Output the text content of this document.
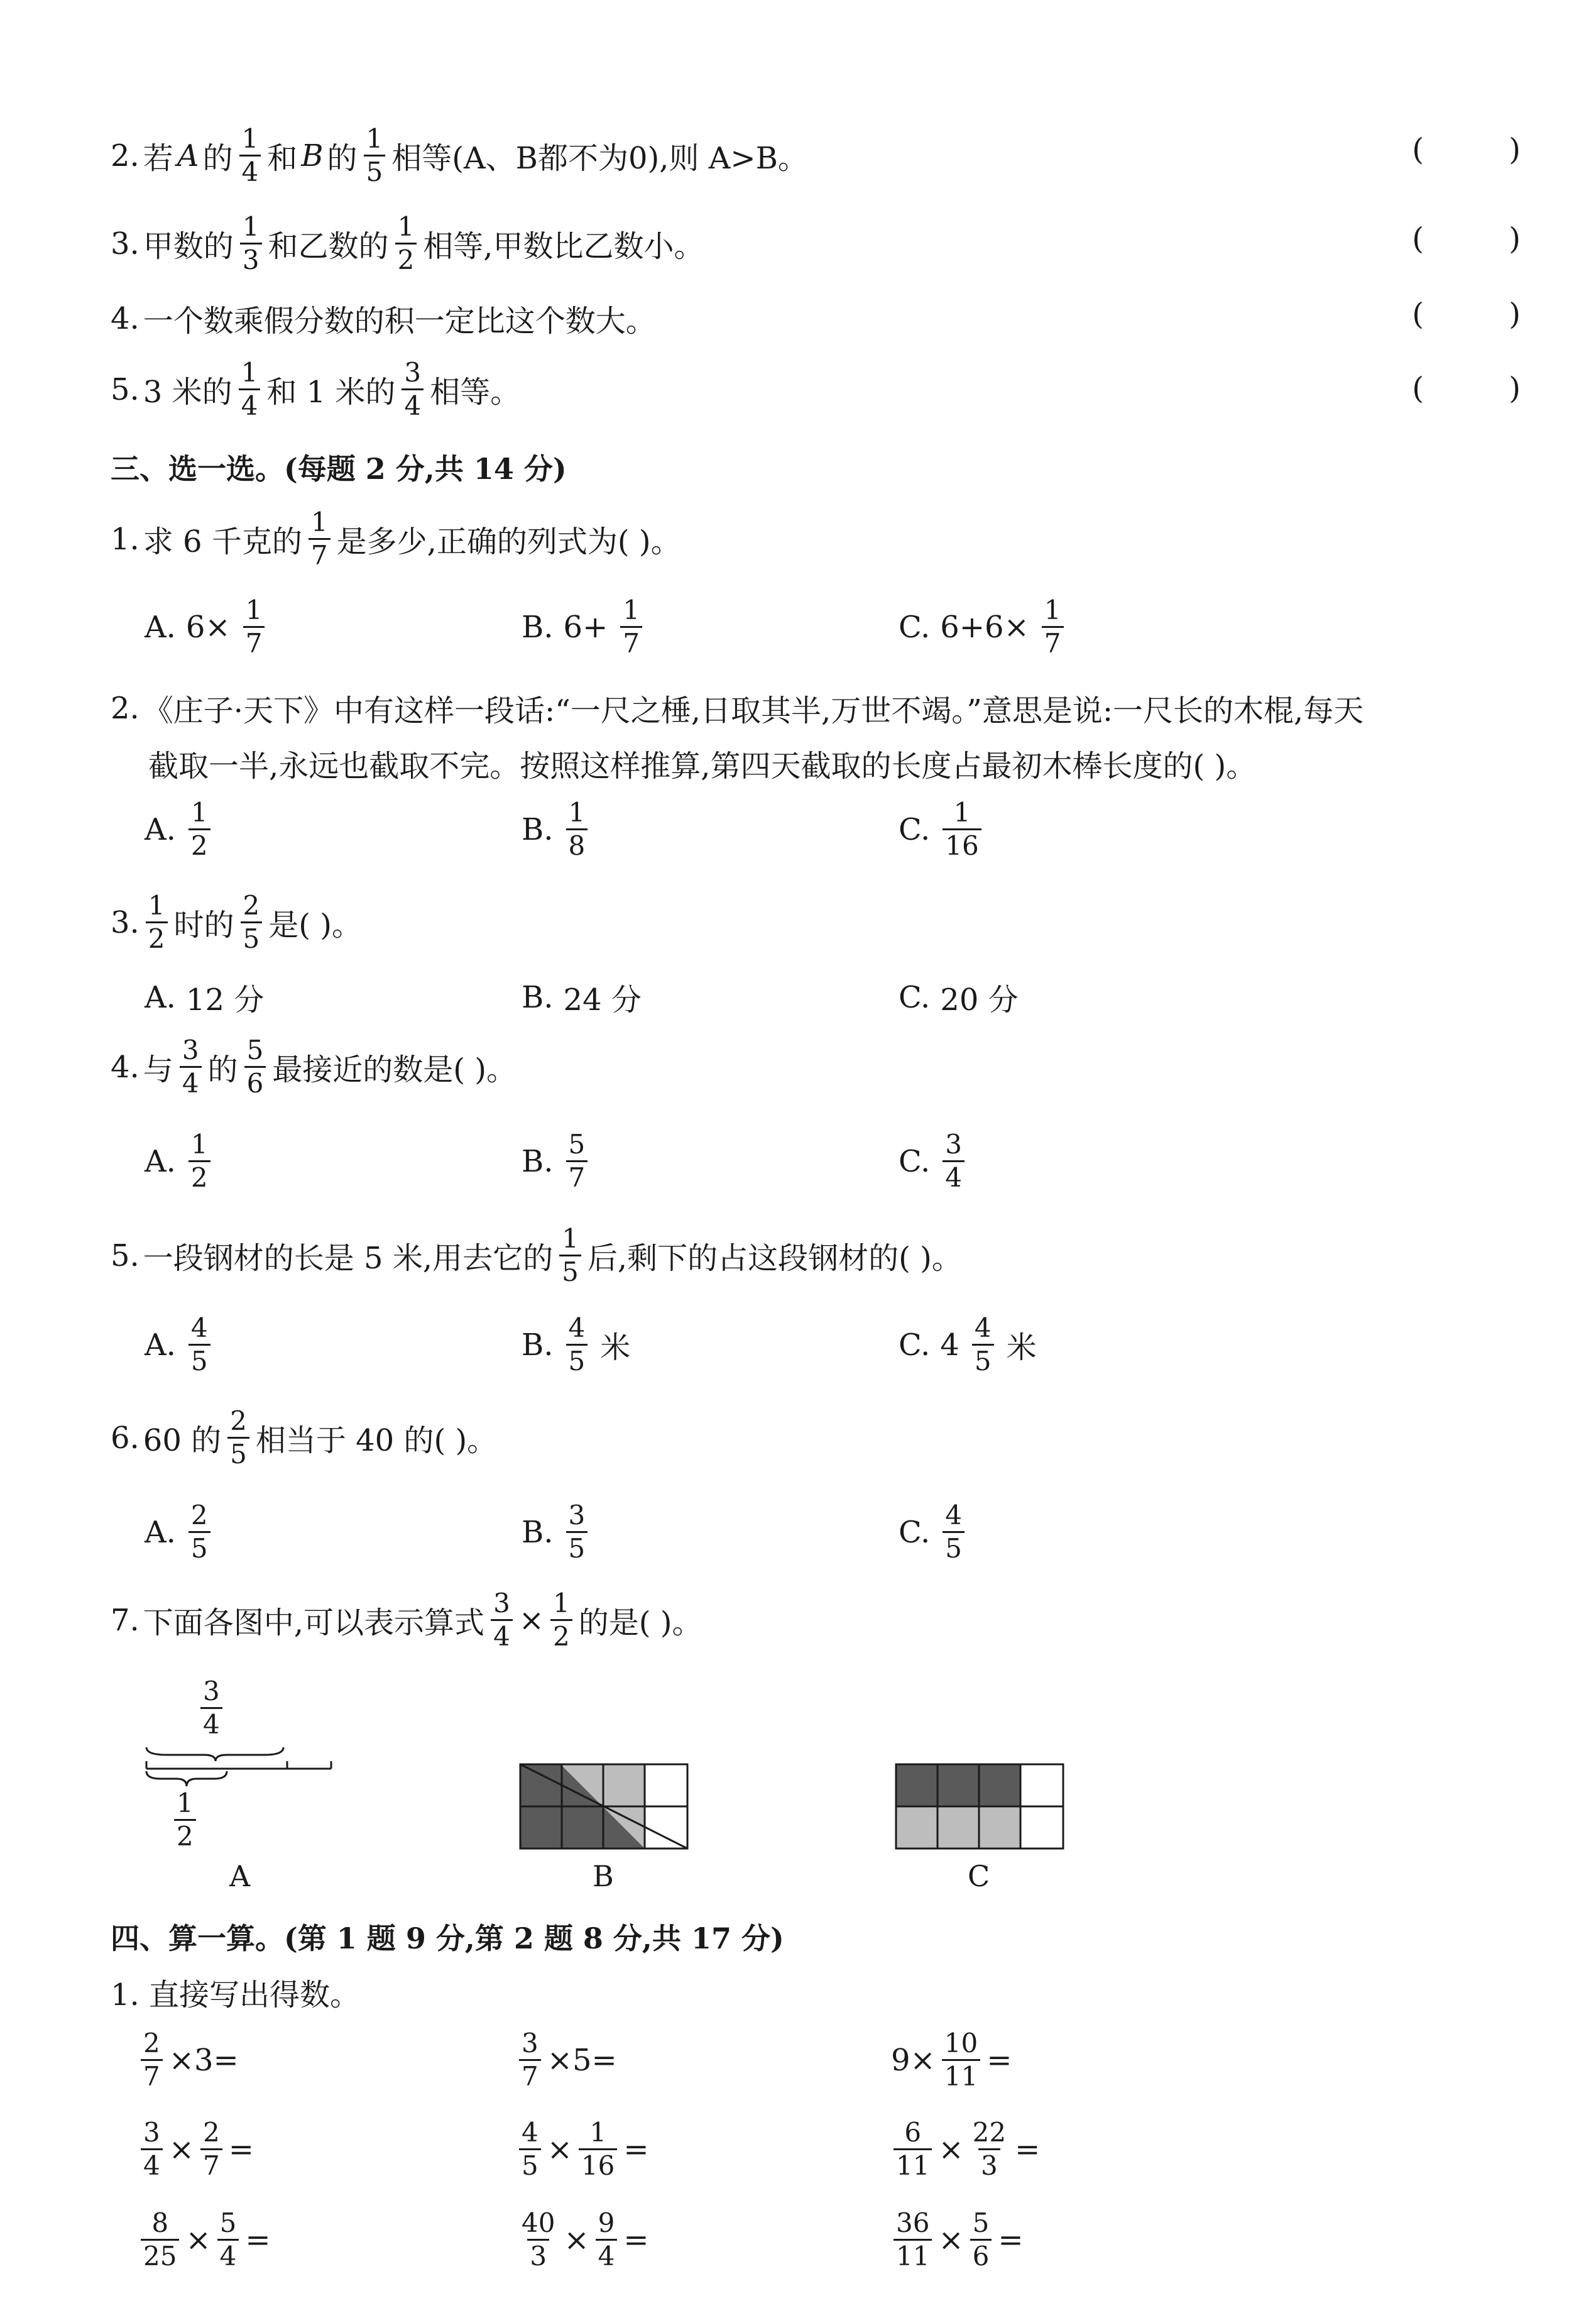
2. 若 A 的 $\frac{1}{4}$ 和 B 的 $\frac{1}{5}$ 相等(A、B都不为0),则 A>B。	( )
3. 甲数的 $\frac{1}{3}$ 和乙数的 $\frac{1}{2}$ 相等,甲数比乙数小。	( )
4. 一个数乘假分数的积一定比这个数大。	( )
5. 3 米的 $\frac{1}{4}$ 和 1 米的 $\frac{3}{4}$ 相等。	( )
三、选一选。(每题 2 分,共 14 分)
1. 求 6 千克的 $\frac{1}{7}$ 是多少,正确的列式为( )。
A. $6\times \frac{1}{7}$	B. $6+ \frac{1}{7}$	C. $6+6\times \frac{1}{7}$
2. 《庄子·天下》中有这样一段话:“一尺之棰,日取其半,万世不竭。”意思是说:一尺长的木棍,每天
截取一半,永远也截取不完。按照这样推算,第四天截取的长度占最初木棒长度的( )。
A. $\frac{1}{2}$	B. $\frac{1}{8}$	C. $\frac{1}{16}$
3. $\frac{1}{2}$ 时的 $\frac{2}{5}$ 是( )。
A. 12 分	B. 24 分	C. 20 分
4. 与 $\frac{3}{4}$ 的 $\frac{5}{6}$ 最接近的数是( )。
A. $\frac{1}{2}$	B. $\frac{5}{7}$	C. $\frac{3}{4}$
5. 一段钢材的长是 5 米,用去它的 $\frac{1}{5}$ 后,剩下的占这段钢材的( )。
A. $\frac{4}{5}$	B. $\frac{4}{5}$ 米	C. $4 \frac{4}{5}$ 米
6. 60 的 $\frac{2}{5}$ 相当于 40 的( )。
A. $\frac{2}{5}$	B. $\frac{3}{5}$	C. $\frac{4}{5}$
7. 下面各图中,可以表示算式 $\frac{3}{4} \times \frac{1}{2}$ 的是( )。
$\frac{3}{4}$
$\frac{1}{2}$
A	B	C
四、算一算。(第 1 题 9 分,第 2 题 8 分,共 17 分)
1. 直接写出得数。
$\frac{2}{7} \times 3=$	$\frac{3}{7} \times 5=$	$9\times \frac{10}{11}$ =
$\frac{3}{4} \times \frac{2}{7}$ =	$\frac{4}{5} \times \frac{1}{16}$ =	$\frac{6}{11} \times \frac{22}{3}$ =
$\frac{8}{25} \times \frac{5}{4}$ =	$\frac{40}{3} \times \frac{9}{4}$ =	$\frac{36}{11} \times \frac{5}{6}$ =
